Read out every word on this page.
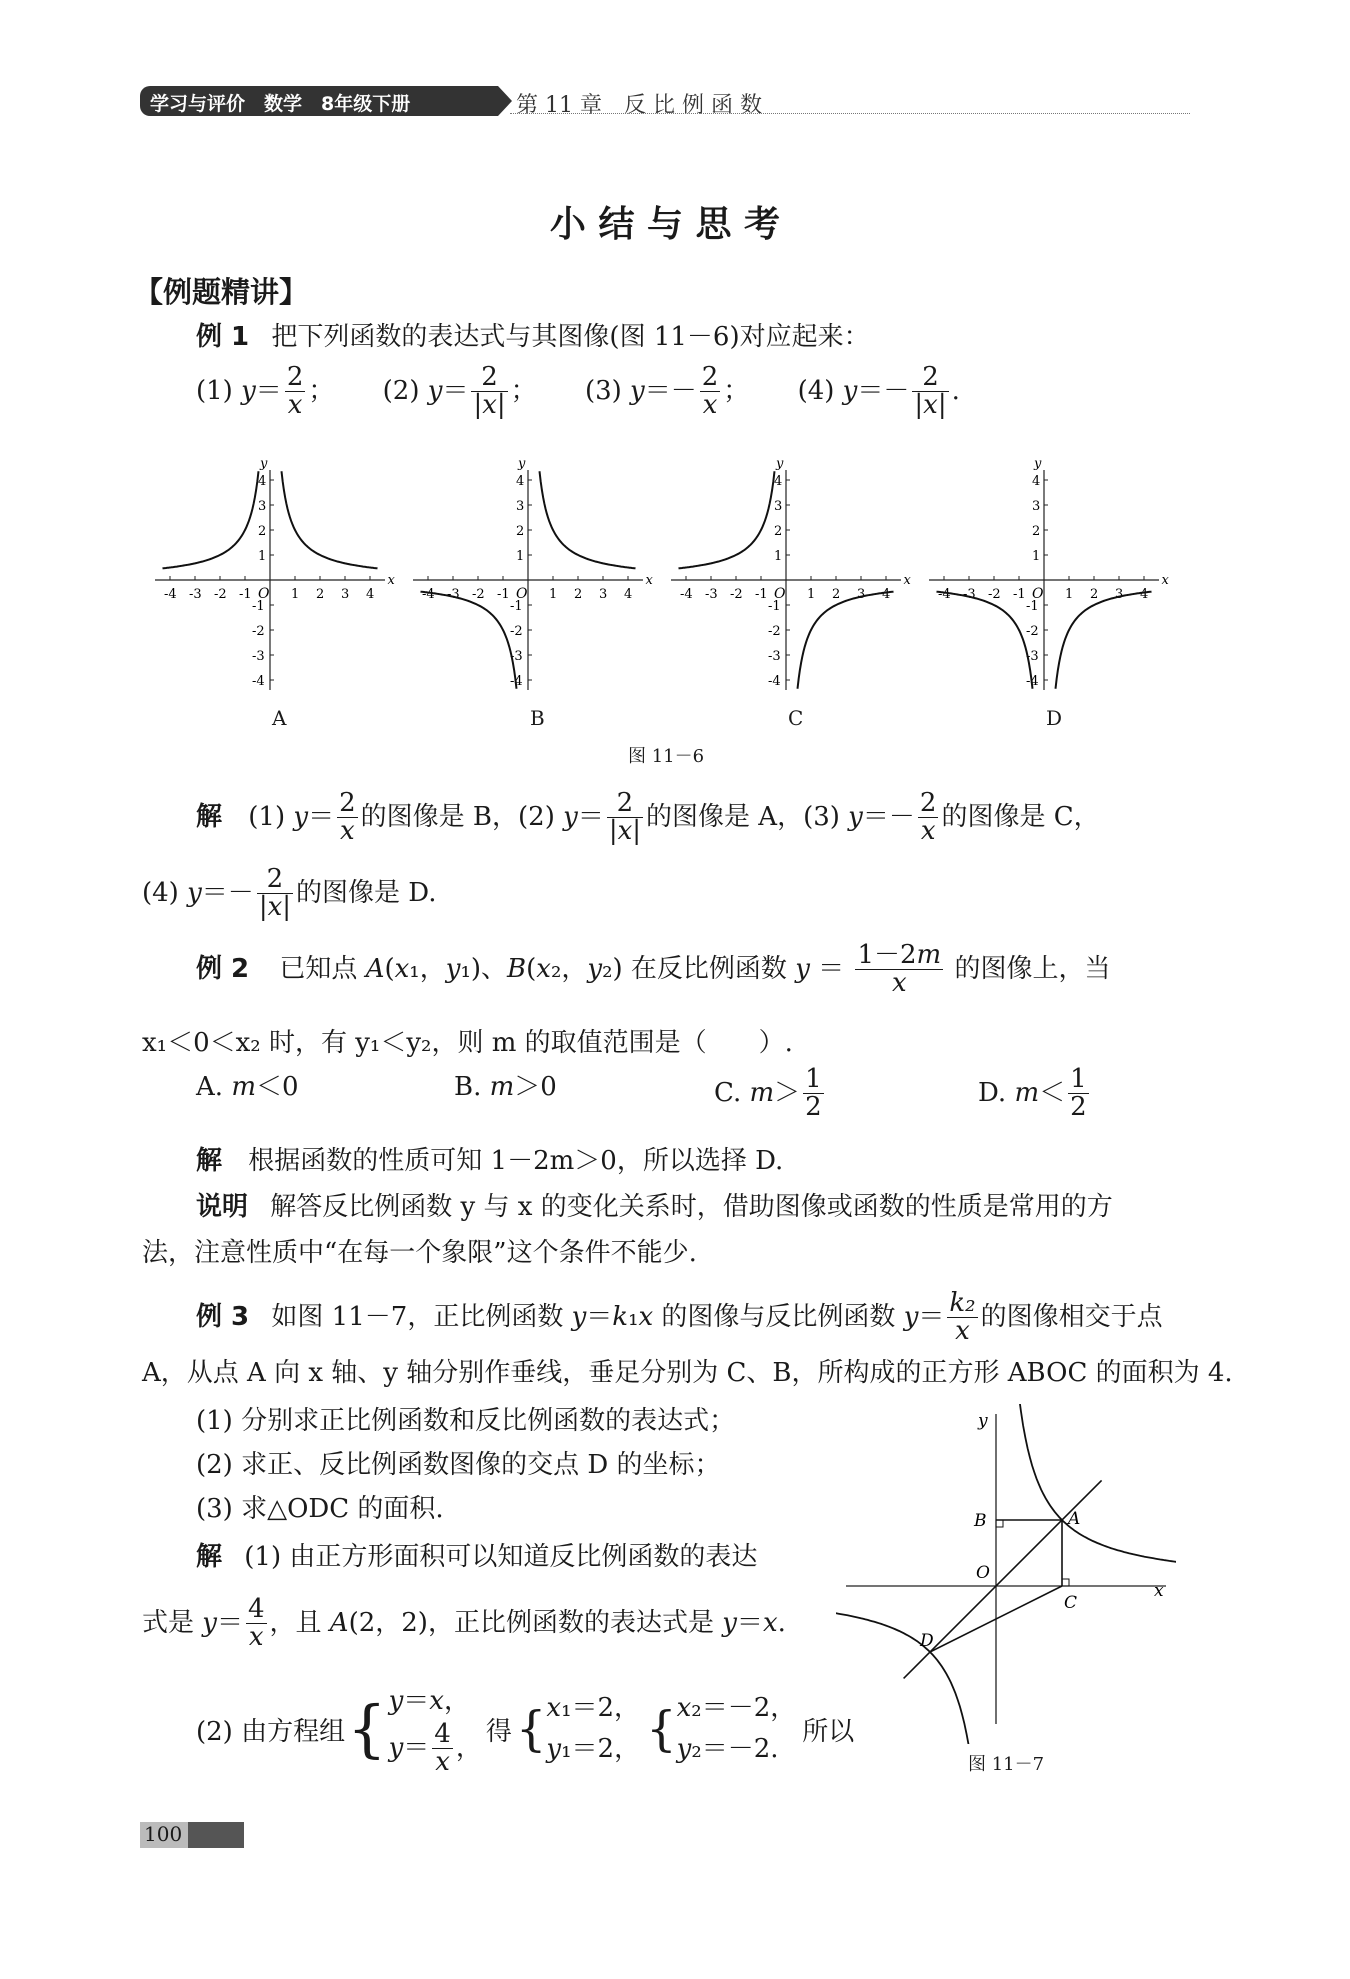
学习与评价　数学　8年级下册	第 11 章　反 比 例 函 数
小 结 与 思 考
【例题精讲】
例 1 把下列函数的表达式与其图像(图 11－6)对应起来：
(1) $y= \frac{2}{x}$ ； (2) $y= \frac{2}{|x|}$ ； (3) $y=- \frac{2}{x}$ ； (4) $y=- \frac{2}{|x|}$ .
-4 -3 -2 -1 O 1 2 3 4
x
y
4
3
2
1
-1
-2
-3
-4
-4 -3 -2 -1 O 1 2 3 4
x
y
4
3
2
1
-1
-2
-3
-4
-4 -3 -2 -1 O 1 2 3 4
x
y
4
3
2
1
-1
-2
-3
-4
-4 -3 -2 -1 O 1 2 3 4
x
y
4
3
2
1
-1
-2
-3
-4
A	B	C	D
图 11－6
解 (1) $y= \frac{2}{x}$ 的图像是 B，(2) $y= \frac{2}{|x|}$ 的图像是 A，(3) $y=- \frac{2}{x}$ 的图像是 C，
(4) $y=- \frac{2}{|x|}$ 的图像是 D.
例 2 已知点 A(x₁，y₁)、B(x₂，y₂) 在反比例函数 $y = \frac{1-2m}{x}$ 的图像上，当
x₁＜0＜x₂ 时，有 y₁＜y₂，则 m 的取值范围是（　　）.
A. m＜0	B. m＞0	C. $m> \frac{1}{2}$	D. $m< \frac{1}{2}$
解 根据函数的性质可知 1－2m＞0，所以选择 D.
说明 解答反比例函数 y 与 x 的变化关系时，借助图像或函数的性质是常用的方
法，注意性质中“在每一个象限”这个条件不能少.
例 3 如图 11－7，正比例函数 y＝k₁x 的图像与反比例函数 $y= \frac{\text{k₂}}{x}$ 的图像相交于点
A，从点 A 向 x 轴、y 轴分别作垂线，垂足分别为 C、B，所构成的正方形 ABOC 的面积为 4.
(1) 分别求正比例函数和反比例函数的表达式；
(2) 求正、反比例函数图像的交点 D 的坐标；
(3) 求△ODC 的面积.
解 (1) 由正方形面积可以知道反比例函数的表达
式是 $y= \frac{4}{x}$ ，且 A(2，2)，正比例函数的表达式是 y＝x.
(2) 由方程组 { y＝x，
$y= \frac{4}{x}$ ，
得 { x₁＝2，
y₁＝2， { x₂＝－2，
y₂＝－2.
所以
y
B	A
O
C
x
D
图 11－7
100
